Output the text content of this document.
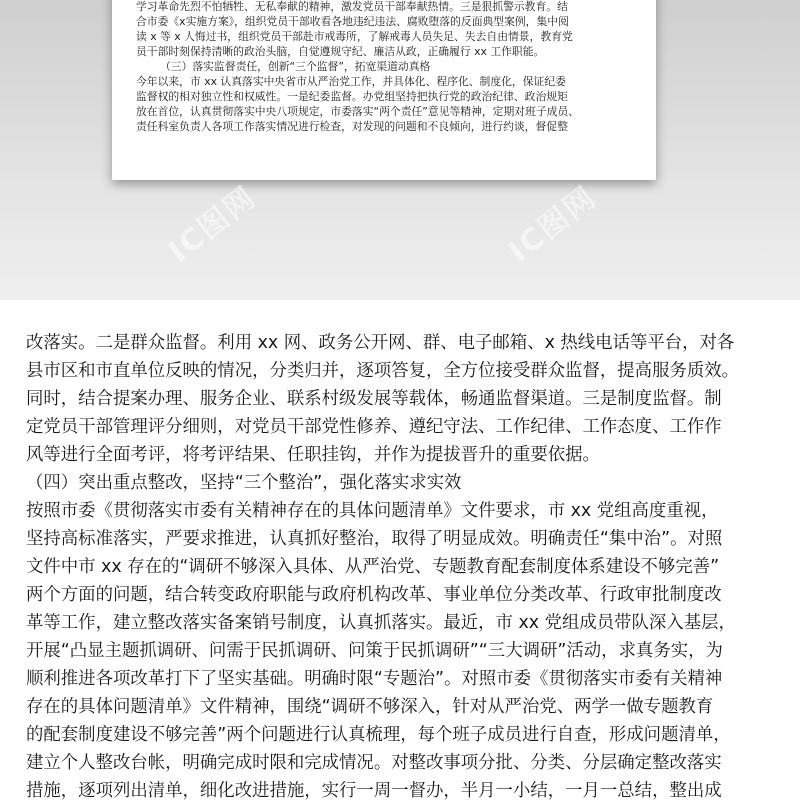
学习革命先烈不怕牺牲、无私奉献的精神，激发党员干部奉献热情。三是狠抓警示教育。结
合市委《x实施方案》，组织党员干部收看各地违纪违法、腐败堕落的反面典型案例，集中阅
读 x 等 x 人悔过书，组织党员干部赴市戒毒所，了解戒毒人员失足、失去自由情景，教育党
员干部时刻保持清晰的政治头脑，自觉遵规守纪、廉洁从政，正确履行 xx 工作职能。
（三）落实监督责任，创新“三个监督”，拓宽渠道动真格
今年以来，市 xx 认真落实中央省市从严治党工作，并具体化、程序化、制度化，保证纪委
监督权的相对独立性和权威性。一是纪委监督。办党组坚持把执行党的政治纪律、政治规矩
放在首位，认真贯彻落实中央八项规定，市委落实“两个责任”意见等精神，定期对班子成员、
责任科室负责人各项工作落实情况进行检查，对发现的问题和不良倾向，进行约谈，督促整
IC图网	IC图网
改落实。二是群众监督。利用 xx 网、政务公开网、群、电子邮箱、x 热线电话等平台，对各
县市区和市直单位反映的情况，分类归并，逐项答复，全方位接受群众监督，提高服务质效。
同时，结合提案办理、服务企业、联系村级发展等载体，畅通监督渠道。三是制度监督。制
定党员干部管理评分细则，对党员干部党性修养、遵纪守法、工作纪律、工作态度、工作作
风等进行全面考评，将考评结果、任职挂钩，并作为提拔晋升的重要依据。
（四）突出重点整改，坚持“三个整治”，强化落实求实效
按照市委《贯彻落实市委有关精神存在的具体问题清单》文件要求，市 xx 党组高度重视，
坚持高标准落实，严要求推进，认真抓好整治，取得了明显成效。明确责任“集中治”。对照
文件中市 xx 存在的“调研不够深入具体、从严治党、专题教育配套制度体系建设不够完善”
两个方面的问题，结合转变政府职能与政府机构改革、事业单位分类改革、行政审批制度改
革等工作，建立整改落实备案销号制度，认真抓落实。最近，市 xx 党组成员带队深入基层，
开展“凸显主题抓调研、问需于民抓调研、问策于民抓调研”“三大调研”活动，求真务实，为
顺利推进各项改革打下了坚实基础。明确时限“专题治”。对照市委《贯彻落实市委有关精神
存在的具体问题清单》文件精神，围绕“调研不够深入，针对从严治党、两学一做专题教育
的配套制度建设不够完善”两个问题进行认真梳理，每个班子成员进行自查，形成问题清单，
建立个人整改台帐，明确完成时限和完成情况。对整改事项分批、分类、分层确定整改落实
措施，逐项列出清单，细化改进措施，实行一周一督办，半月一小结，一月一总结，整出成
